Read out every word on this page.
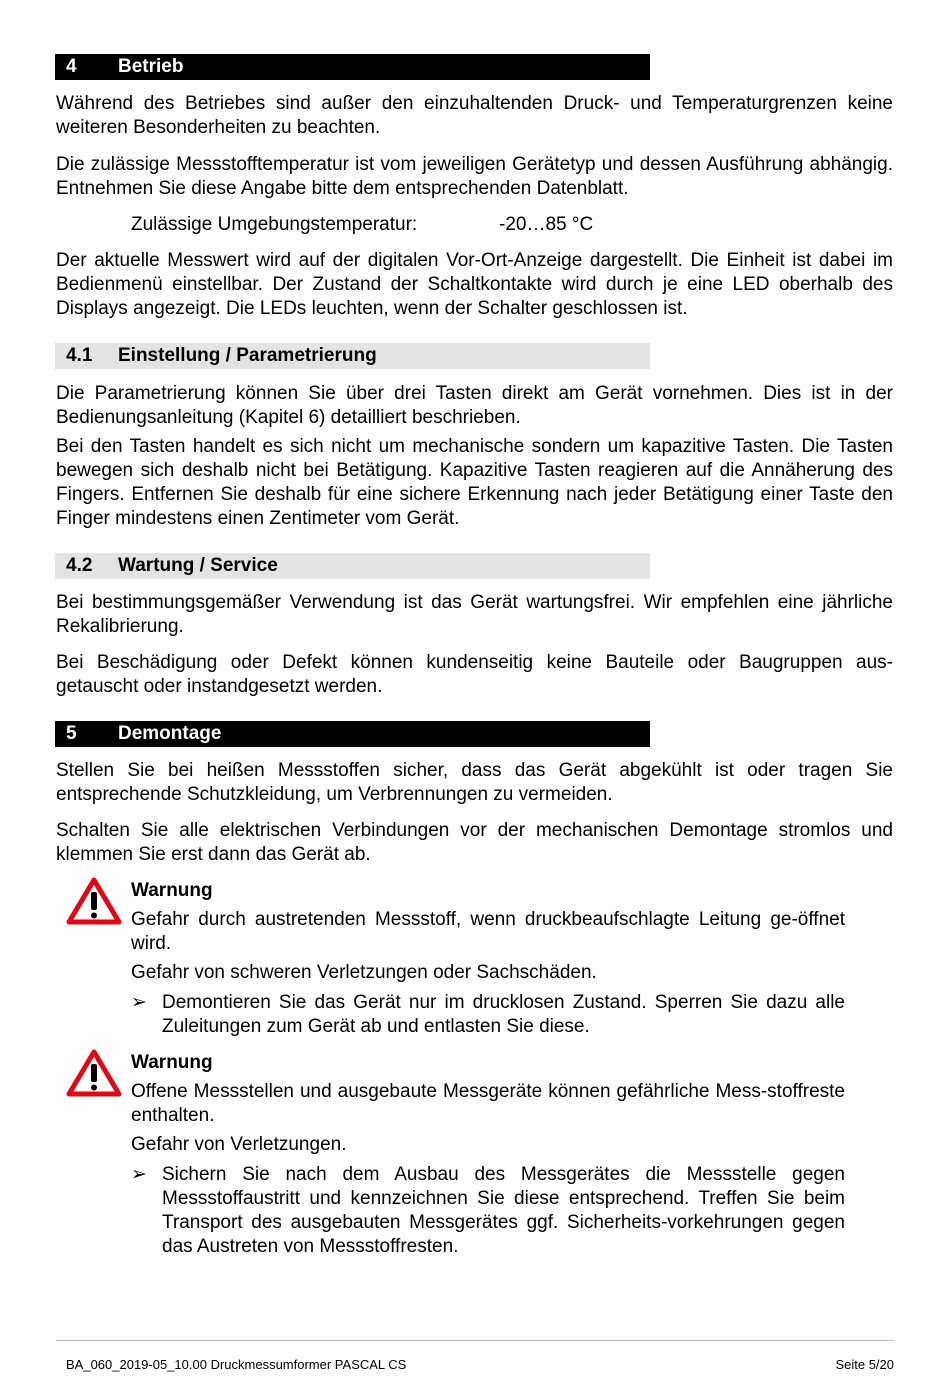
4 Betrieb

Während des Betriebes sind außer den einzuhaltenden Druck- und Temperaturgrenzen keine weiteren Besonderheiten zu beachten.

Die zulässige Messstofftemperatur ist vom jeweiligen Gerätetyp und dessen Ausführung abhängig. Entnehmen Sie diese Angabe bitte dem entsprechenden Datenblatt.

Zulässige Umgebungstemperatur:	-20…85 °C

Der aktuelle Messwert wird auf der digitalen Vor-Ort-Anzeige dargestellt. Die Einheit ist dabei im Bedienmenü einstellbar. Der Zustand der Schaltkontakte wird durch je eine LED oberhalb des Displays angezeigt. Die LEDs leuchten, wenn der Schalter geschlossen ist.

4.1 Einstellung / Parametrierung

Die Parametrierung können Sie über drei Tasten direkt am Gerät vornehmen. Dies ist in der Bedienungsanleitung (Kapitel 6) detailliert beschrieben.

Bei den Tasten handelt es sich nicht um mechanische sondern um kapazitive Tasten. Die Tasten bewegen sich deshalb nicht bei Betätigung. Kapazitive Tasten reagieren auf die Annäherung des Fingers. Entfernen Sie deshalb für eine sichere Erkennung nach jeder Betätigung einer Taste den Finger mindestens einen Zentimeter vom Gerät.

4.2 Wartung / Service

Bei bestimmungsgemäßer Verwendung ist das Gerät wartungsfrei. Wir empfehlen eine jährliche Rekalibrierung.

Bei Beschädigung oder Defekt können kundenseitig keine Bauteile oder Baugruppen aus-getauscht oder instandgesetzt werden.

5 Demontage

Stellen Sie bei heißen Messstoffen sicher, dass das Gerät abgekühlt ist oder tragen Sie entsprechende Schutzkleidung, um Verbrennungen zu vermeiden.

Schalten Sie alle elektrischen Verbindungen vor der mechanischen Demontage stromlos und klemmen Sie erst dann das Gerät ab.

Warnung

Gefahr durch austretenden Messstoff, wenn druckbeaufschlagte Leitung ge-öffnet wird.

Gefahr von schweren Verletzungen oder Sachschäden.

➢ Demontieren Sie das Gerät nur im drucklosen Zustand. Sperren Sie dazu alle Zuleitungen zum Gerät ab und entlasten Sie diese.

Warnung

Offene Messstellen und ausgebaute Messgeräte können gefährliche Mess-stoffreste enthalten.

Gefahr von Verletzungen.

➢ Sichern Sie nach dem Ausbau des Messgerätes die Messstelle gegen Messstoffaustritt und kennzeichnen Sie diese entsprechend. Treffen Sie beim Transport des ausgebauten Messgerätes ggf. Sicherheits-vorkehrungen gegen das Austreten von Messstoffresten.

BA_060_2019-05_10.00 Druckmessumformer PASCAL CS	Seite 5/20
